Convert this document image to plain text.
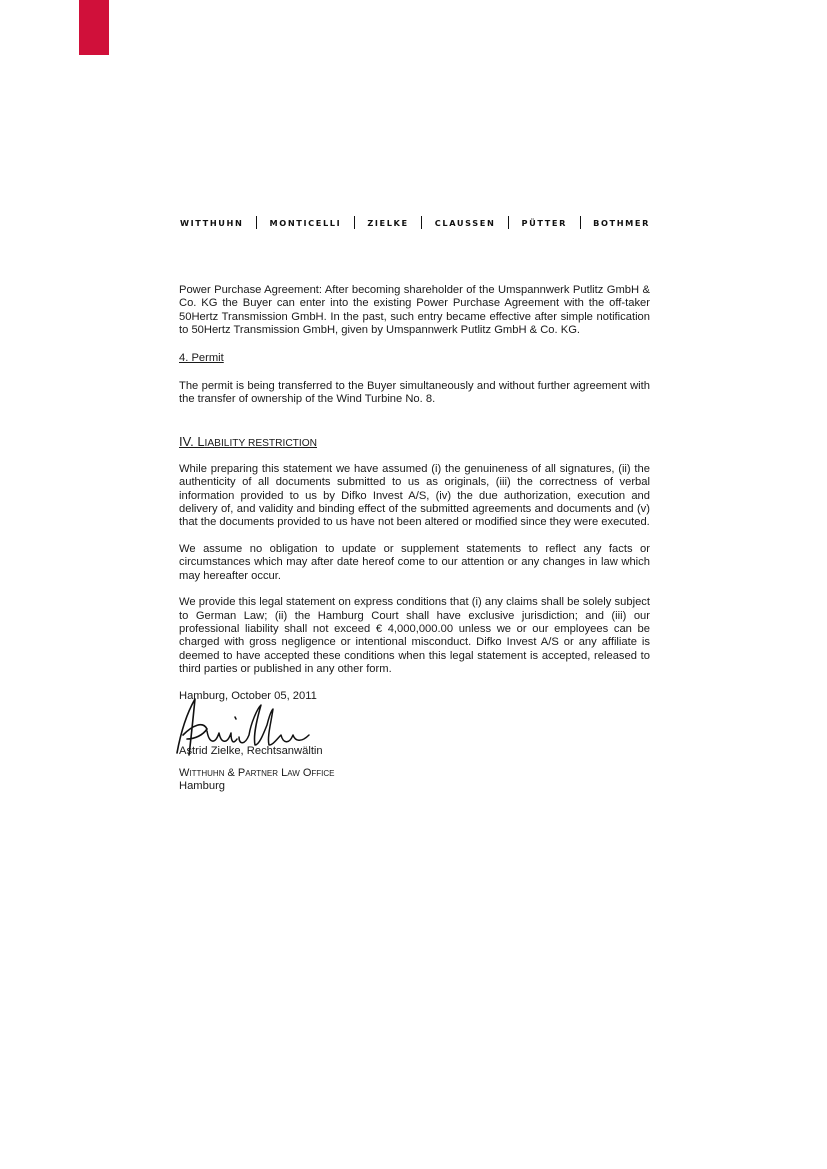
WITTHUHN	MONTICELLI	ZIELKE	CLAUSSEN	PÜTTER	BOTHMER

Power Purchase Agreement: After becoming shareholder of the Umspannwerk Putlitz GmbH & Co. KG the Buyer can enter into the existing Power Purchase Agreement with the off-taker 50Hertz Transmission GmbH. In the past, such entry became effective after simple notification to 50Hertz Transmission GmbH, given by Umspannwerk Putlitz GmbH & Co. KG.

4. Permit

The permit is being transferred to the Buyer simultaneously and without further agreement with the transfer of ownership of the Wind Turbine No. 8.

IV. LIABILITY RESTRICTION

While preparing this statement we have assumed (i) the genuineness of all signatures, (ii) the authenticity of all documents submitted to us as originals, (iii) the correctness of verbal information provided to us by Difko Invest A/S, (iv) the due authorization, execution and delivery of, and validity and binding effect of the submitted agreements and documents and (v) that the documents provided to us have not been altered or modified since they were executed.

We assume no obligation to update or supplement statements to reflect any facts or circumstances which may after date hereof come to our attention or any changes in law which may hereafter occur.

We provide this legal statement on express conditions that (i) any claims shall be solely subject to German Law; (ii) the Hamburg Court shall have exclusive jurisdiction; and (iii) our professional liability shall not exceed € 4,000,000.00 unless we or our employees can be charged with gross negligence or intentional misconduct. Difko Invest A/S or any affiliate is deemed to have accepted these conditions when this legal statement is accepted, released to third parties or published in any other form.

Hamburg, October 05, 2011

Astrid Zielke, Rechtsanwältin

Witthuhn & Partner Law Office

Hamburg
